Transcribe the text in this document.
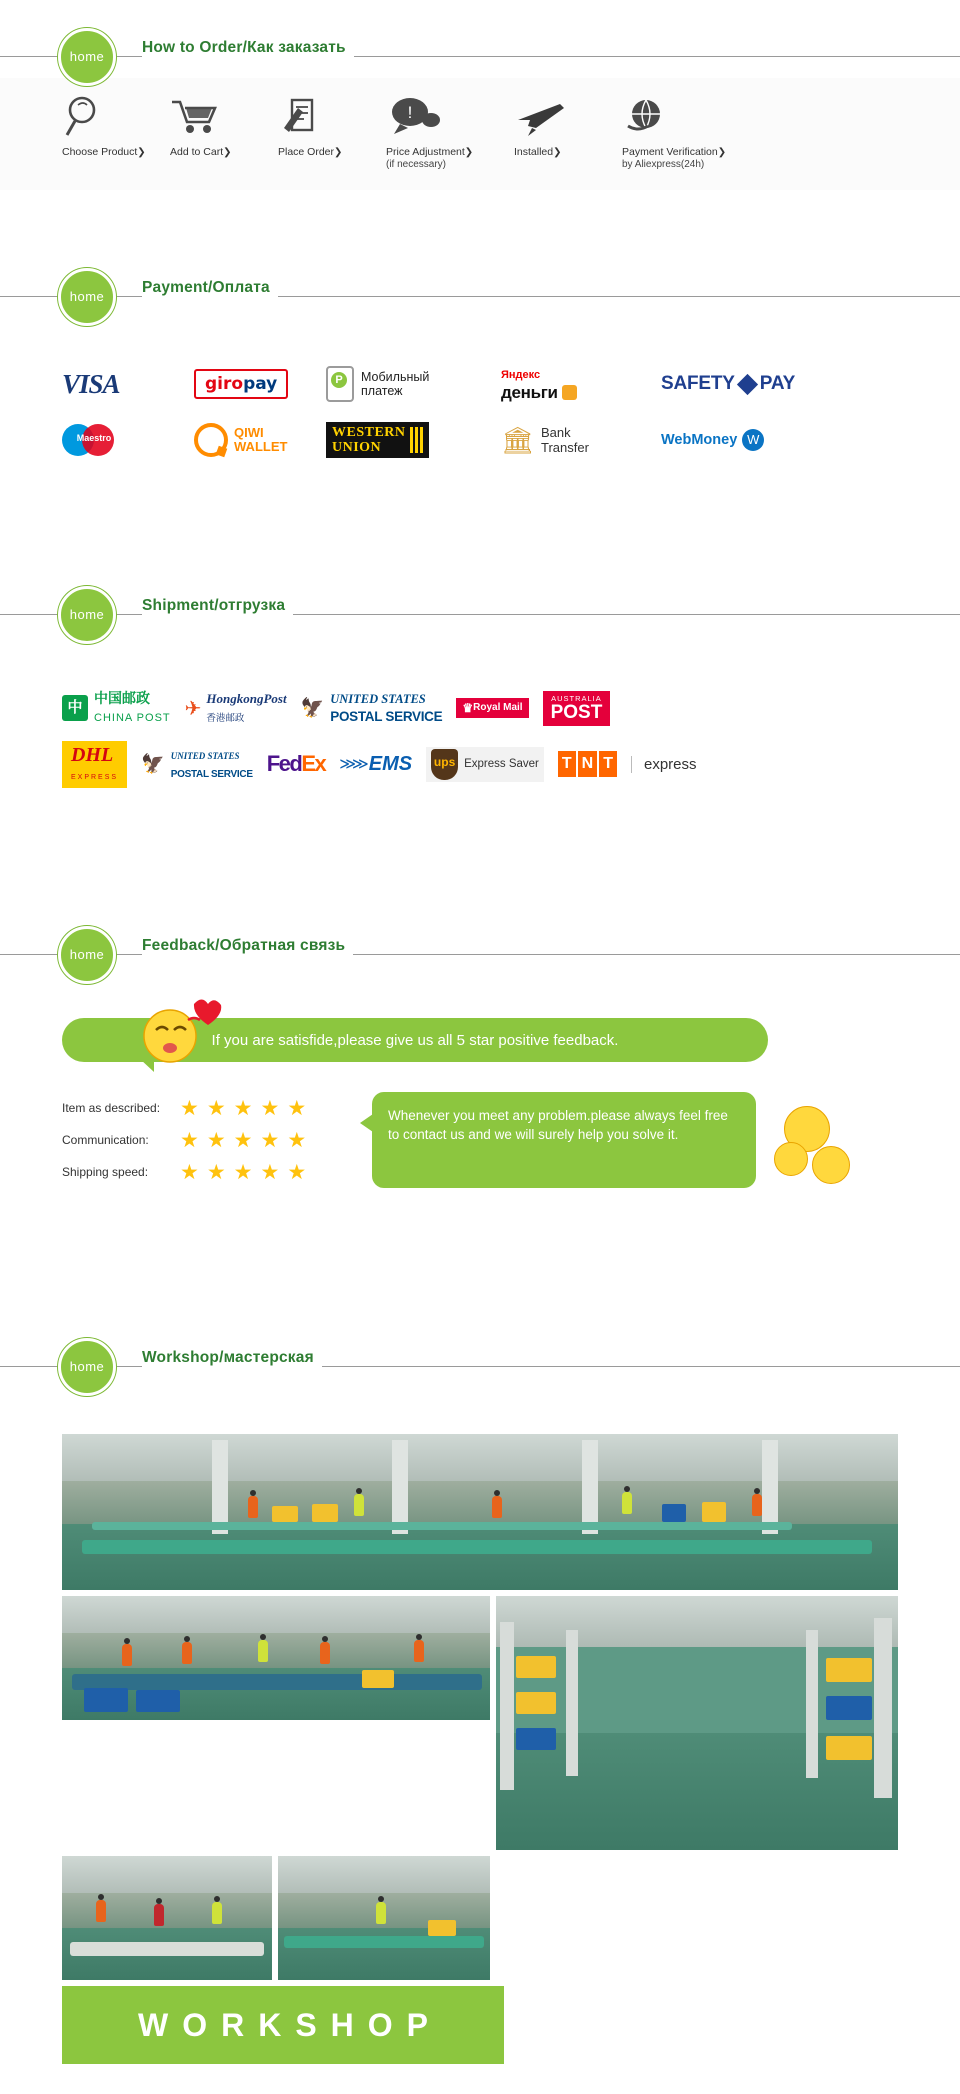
home
How to Order/Как заказать
Choose Product❯	Add to Cart❯	Place Order❯
!
Price Adjustment❯
(if necessary)
Installed❯	Payment Verification❯
by Aliexpress(24h)
home
Payment/Оплата
VISA	giropay	P	Мобильный
платеж
Яндекс
деньги	SAFETY PAY
Maestro	QIWI
WALLET
WESTERN
UNION	🏛 Bank
Transfer	WebMoney W
home
Shipment/отгрузка
中
中国邮政
CHINA POST ✈ HongkongPost
香港邮政	🦅 UNITED STATES
POSTAL SERVICE
♛ Royal Mail
AUSTRALIA
POST
DHL
EXPRESS
🦅 UNITED STATES
POSTAL SERVICE Fed Ex ≫≫ EMS ups Express Saver T N T	express
home
Feedback/Обратная связь
If you are satisfide,please give us all 5 star positive feedback.
Item as described: ★ ★ ★ ★ ★
Communication:	★ ★ ★ ★ ★
Shipping speed:	★ ★ ★ ★ ★
Whenever you meet any problem.please always feel free to contact us and we will surely help you solve it.
home
Workshop/мастерская
WORKSHOP
